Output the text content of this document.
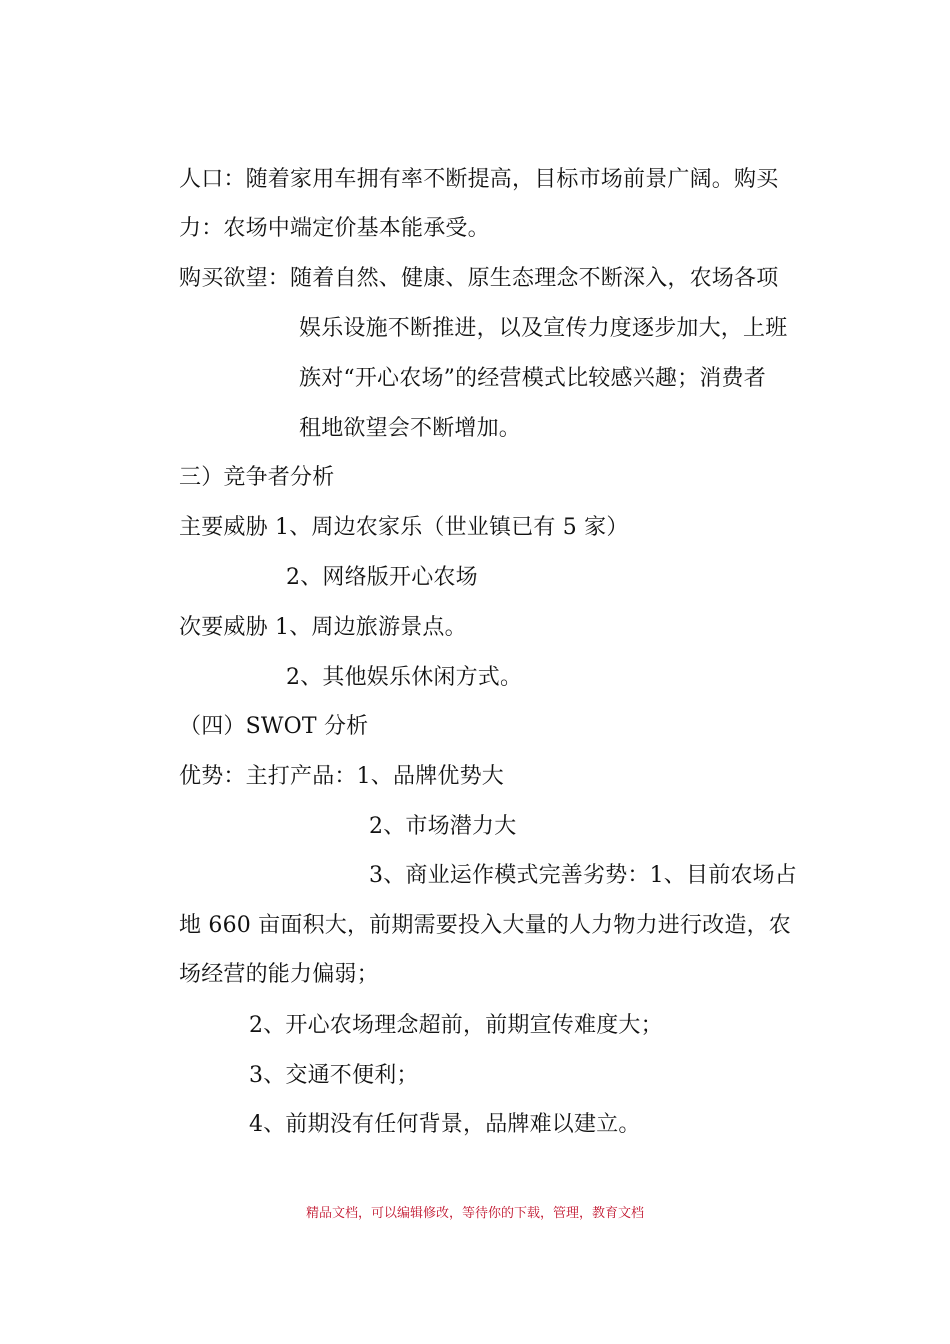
人口：随着家用车拥有率不断提高，目标市场前景广阔。购买
力：农场中端定价基本能承受。
购买欲望：随着自然、健康、原生态理念不断深入，农场各项
娱乐设施不断推进，以及宣传力度逐步加大，上班
族对“开心农场”的经营模式比较感兴趣；消费者
租地欲望会不断增加。
三）竞争者分析
主要威胁 1、周边农家乐（世业镇已有 5 家）
2、网络版开心农场
次要威胁 1、周边旅游景点。
2、其他娱乐休闲方式。
（四）SWOT 分析
优势：主打产品：1、品牌优势大
2、市场潜力大
3、商业运作模式完善劣势：1、目前农场占
地 660 亩面积大，前期需要投入大量的人力物力进行改造，农
场经营的能力偏弱；
2、开心农场理念超前，前期宣传难度大；
3、交通不便利；
4、前期没有任何背景，品牌难以建立。
精品文档，可以编辑修改，等待你的下载，管理，教育文档
